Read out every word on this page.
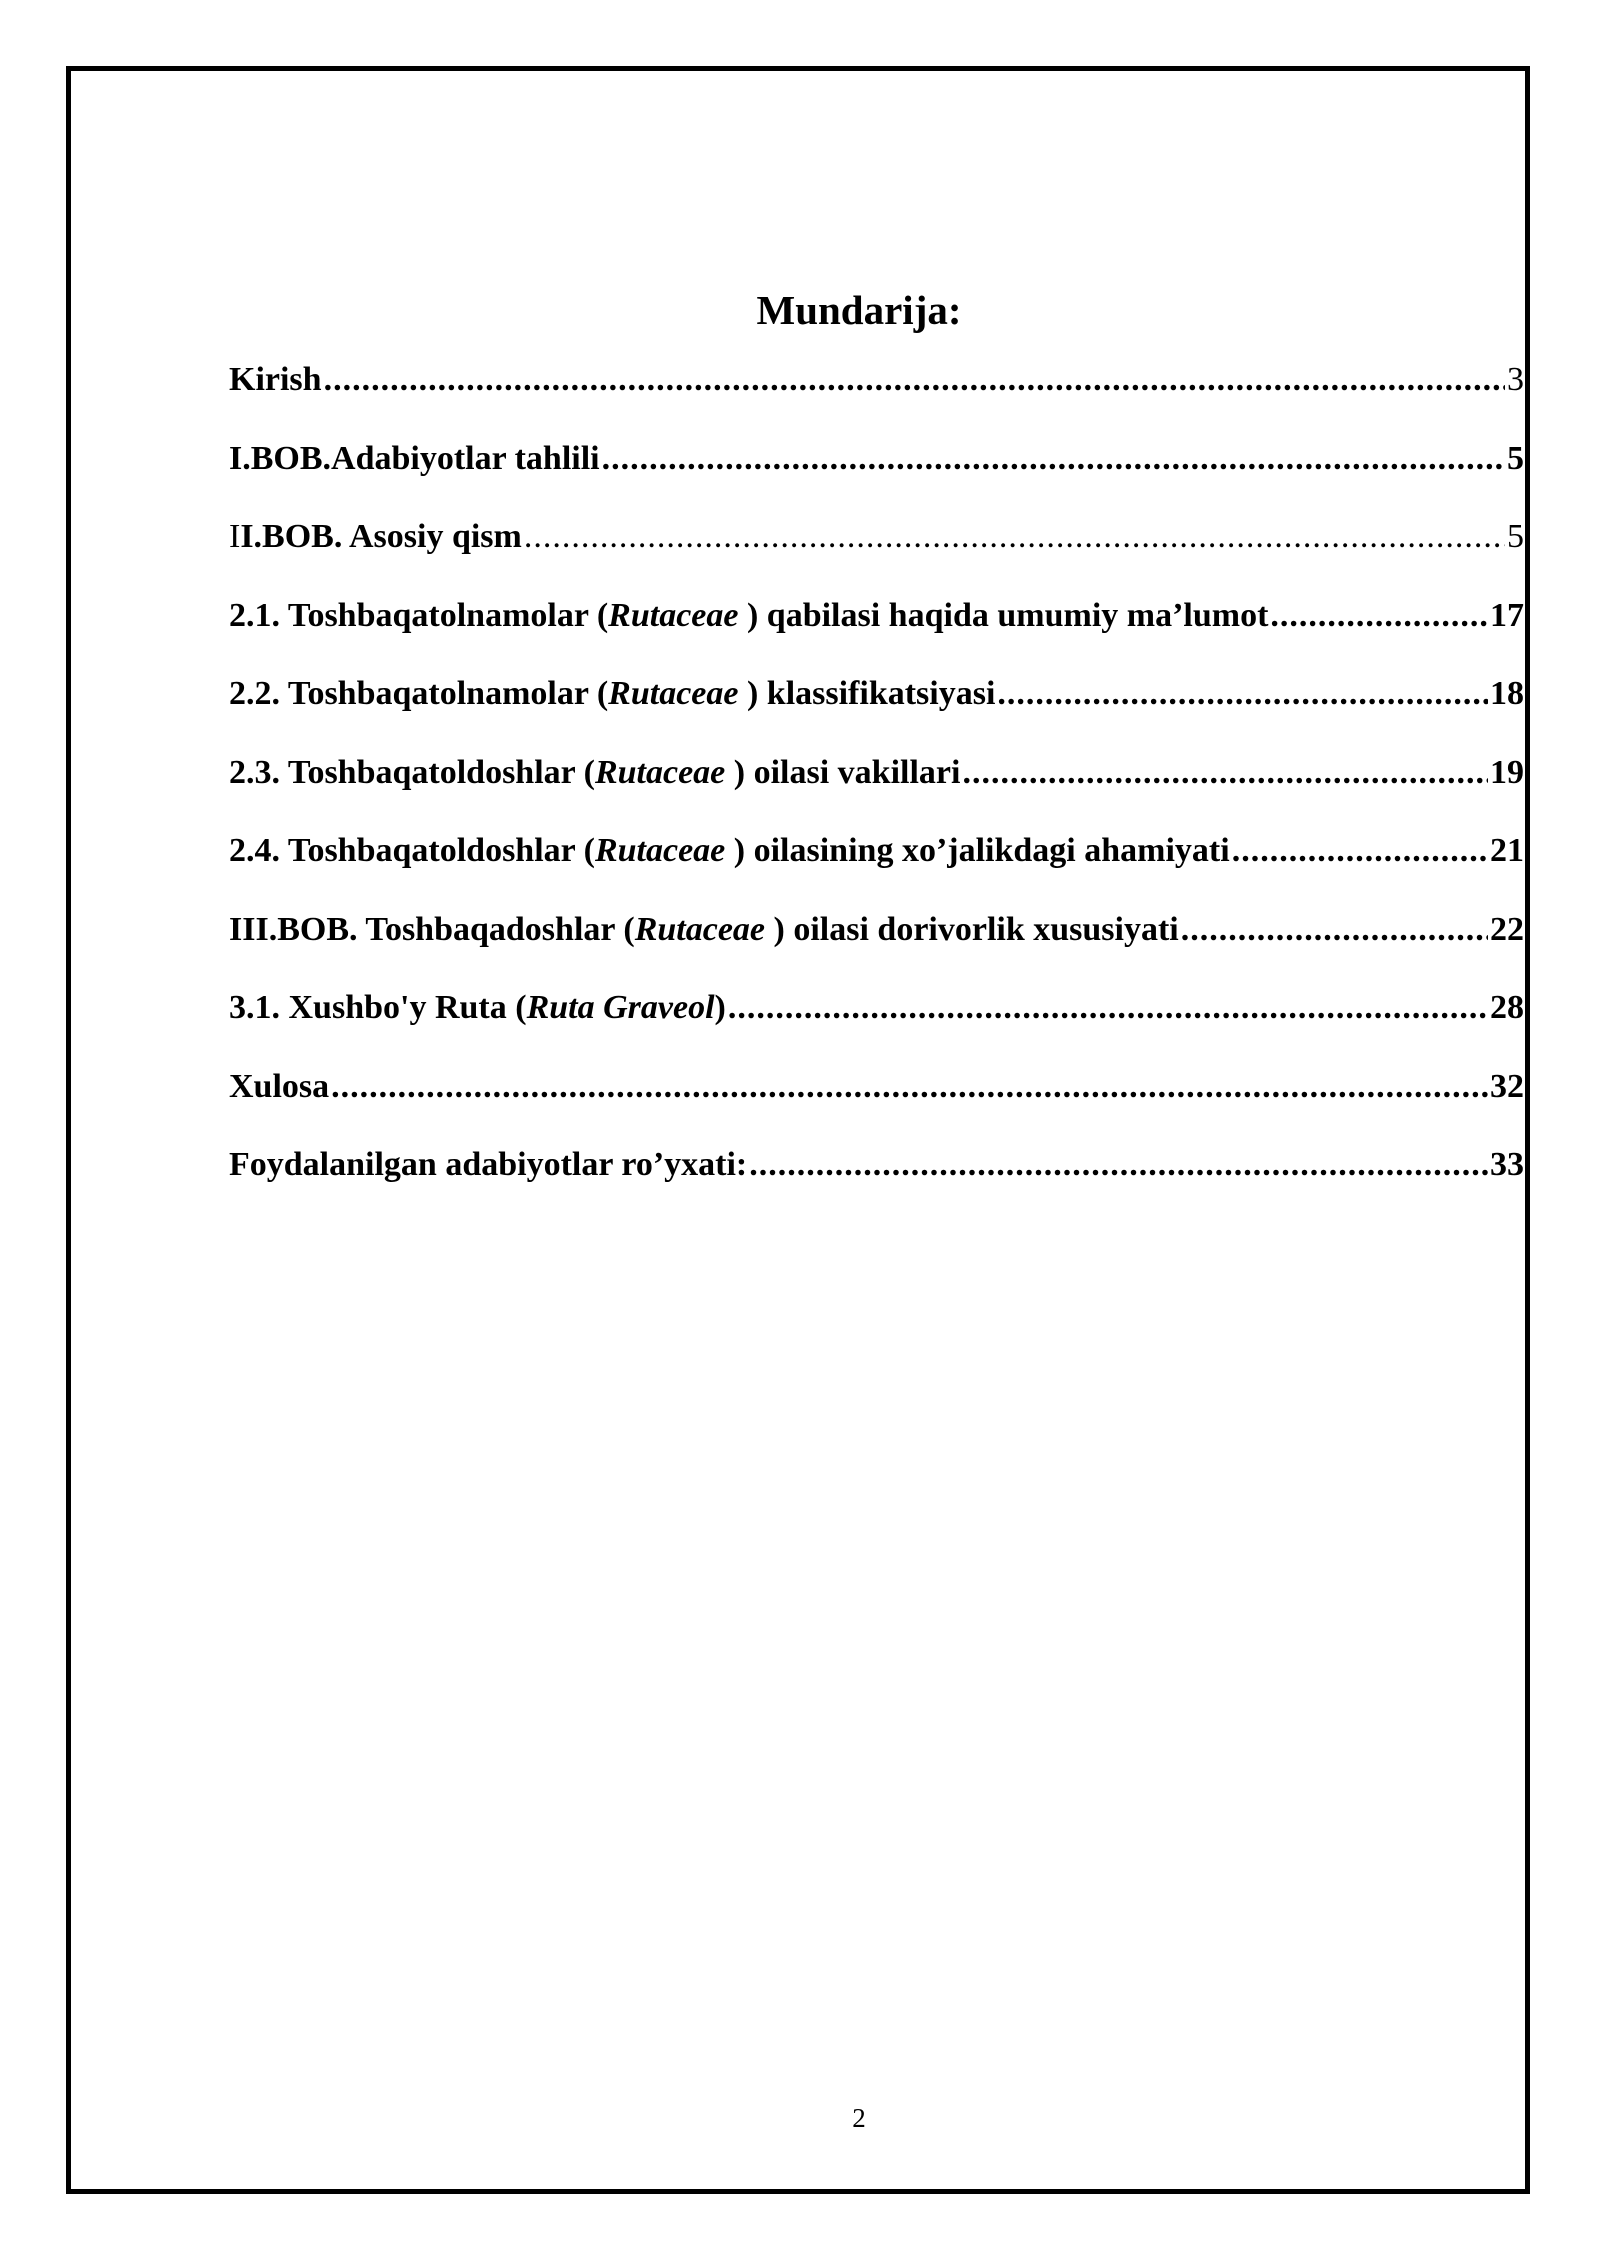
Mundarija:
Kirish .....	3
I.BOB.Adabiyotlar tahlili .....	5
II.BOB. Asosiy qism .....	5
2.1. Toshbaqatolnamolar (Rutaceae ) qabilasi haqida umumiy ma’lumot .....	17
2.2. Toshbaqatolnamolar (Rutaceae ) klassifikatsiyasi .....	18
2.3. Toshbaqatoldoshlar (Rutaceae ) oilasi vakillari .....	19
2.4. Toshbaqatoldoshlar (Rutaceae ) oilasining xo’jalikdagi ahamiyati .....	21
III.BOB. Toshbaqadoshlar (Rutaceae ) oilasi dorivorlik xususiyati .....	22
3.1. Xushbo'y Ruta (Ruta Graveol) .....	28
Xulosa .....	32
Foydalanilgan adabiyotlar ro’yxati: .....	33

2
